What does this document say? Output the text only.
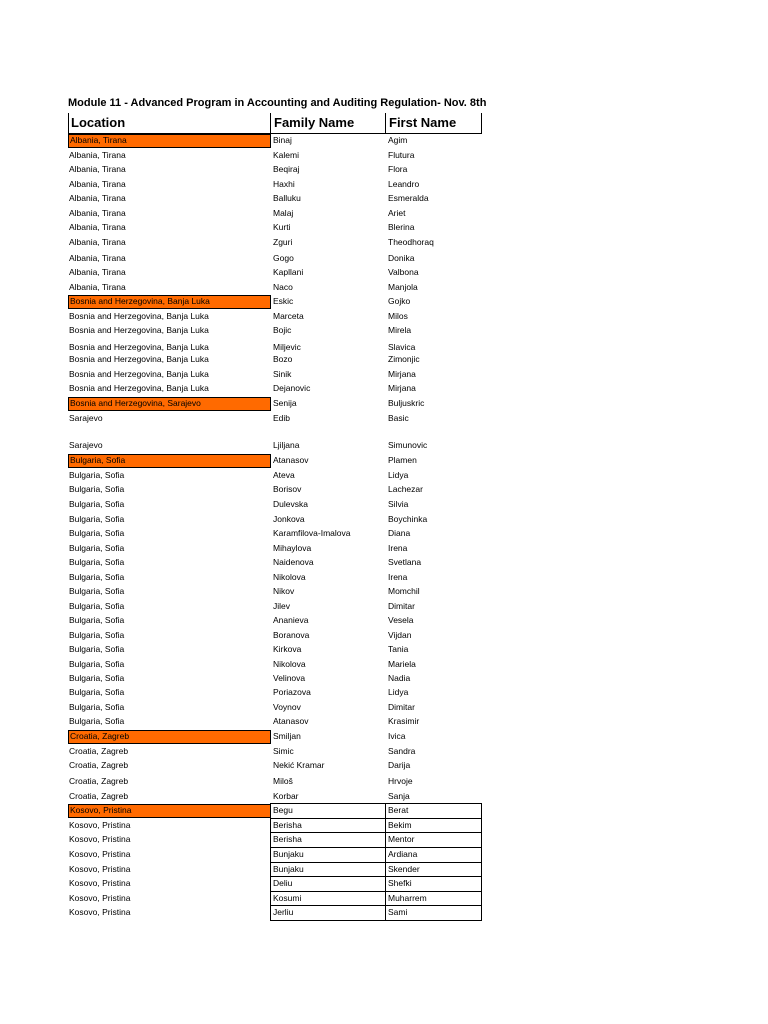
Module 11 - Advanced Program in Accounting and Auditing Regulation- Nov. 8th
Location	Family Name	First Name
Albania, Tirana	Binaj	Agim
Albania, Tirana	Kalemi	Flutura
Albania, Tirana	Beqiraj	Flora
Albania, Tirana	Haxhi	Leandro
Albania, Tirana	Balluku	Esmeralda
Albania, Tirana	Malaj	Ariet
Albania, Tirana	Kurti	Blerina
Albania, Tirana	Zguri	Theodhoraq
Albania, Tirana	Gogo	Donika
Albania, Tirana	Kapllani	Valbona
Albania, Tirana	Naco	Manjola
Bosnia and Herzegovina, Banja Luka	Eskic	Gojko
Bosnia and Herzegovina, Banja Luka	Marceta	Milos
Bosnia and Herzegovina, Banja Luka	Bojic	Mirela
Bosnia and Herzegovina, Banja Luka	Miljevic	Slavica
Bosnia and Herzegovina, Banja Luka	Bozo	Zimonjic
Bosnia and Herzegovina, Banja Luka	Sinik	Mirjana
Bosnia and Herzegovina, Banja Luka	Dejanovic	Mirjana
Bosnia and Herzegovina, Sarajevo	Senija	Buljuskric
Sarajevo	Edib	Basic
Sarajevo	Ljiljana	Simunovic
Bulgaria, Sofia	Atanasov	Plamen
Bulgaria, Sofia	Ateva	Lidya
Bulgaria, Sofia	Borisov	Lachezar
Bulgaria, Sofia	Dulevska	Silvia
Bulgaria, Sofia	Jonkova	Boychinka
Bulgaria, Sofia	Karamfilova-Imalova	Diana
Bulgaria, Sofia	Mihaylova	Irena
Bulgaria, Sofia	Naidenova	Svetlana
Bulgaria, Sofia	Nikolova	Irena
Bulgaria, Sofia	Nikov	Momchil
Bulgaria, Sofia	Jilev	Dimitar
Bulgaria, Sofia	Ananieva	Vesela
Bulgaria, Sofia	Boranova	Vijdan
Bulgaria, Sofia	Kirkova	Tania
Bulgaria, Sofia	Nikolova	Mariela
Bulgaria, Sofia	Velinova	Nadia
Bulgaria, Sofia	Poriazova	Lidya
Bulgaria, Sofia	Voynov	Dimitar
Bulgaria, Sofia	Atanasov	Krasimir
Croatia, Zagreb	Smiljan	Ivica
Croatia, Zagreb	Simic	Sandra
Croatia, Zagreb	Nekić Kramar	Darija
Croatia, Zagreb	Miloš	Hrvoje
Croatia, Zagreb	Korbar	Sanja
Kosovo, Pristina	Begu	Berat
Kosovo, Pristina	Berisha	Bekim
Kosovo, Pristina	Berisha	Mentor
Kosovo, Pristina	Bunjaku	Ardiana
Kosovo, Pristina	Bunjaku	Skender
Kosovo, Pristina	Deliu	Shefki
Kosovo, Pristina	Kosumi	Muharrem
Kosovo, Pristina	Jerliu	Sami
